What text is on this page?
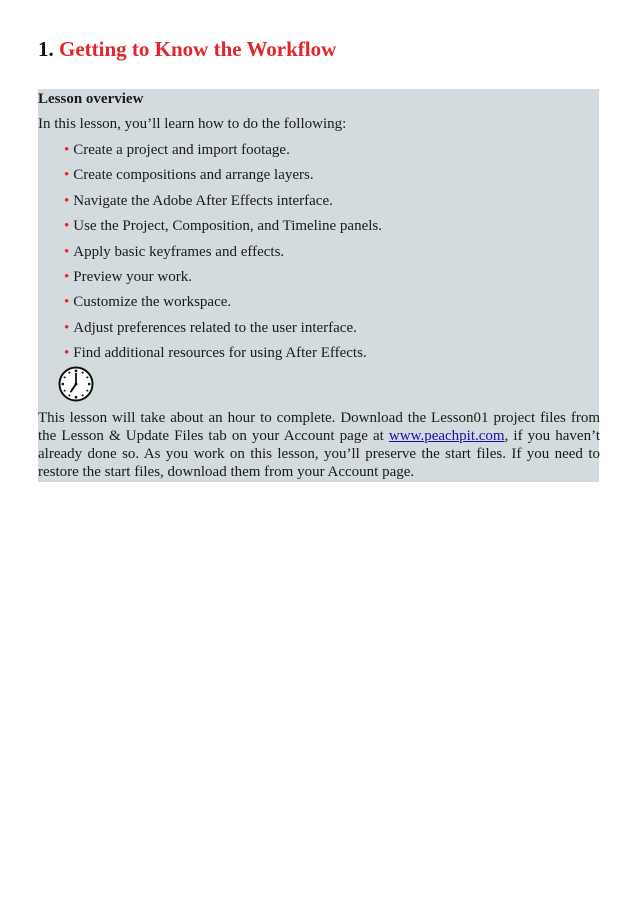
1. Getting to Know the Workflow
Lesson overview
In this lesson, you’ll learn how to do the following:
• Create a project and import footage.
• Create compositions and arrange layers.
• Navigate the Adobe After Effects interface.
• Use the Project, Composition, and Timeline panels.
• Apply basic keyframes and effects.
• Preview your work.
• Customize the workspace.
• Adjust preferences related to the user interface.
• Find additional resources for using After Effects.

This lesson will take about an hour to complete. Download the Lesson01 project files from the Lesson & Update Files tab on your Account page at www.peachpit.com, if you haven’t already done so. As you work on this lesson, you’ll preserve the start files. If you need to restore the start files, download them from your Account page.
